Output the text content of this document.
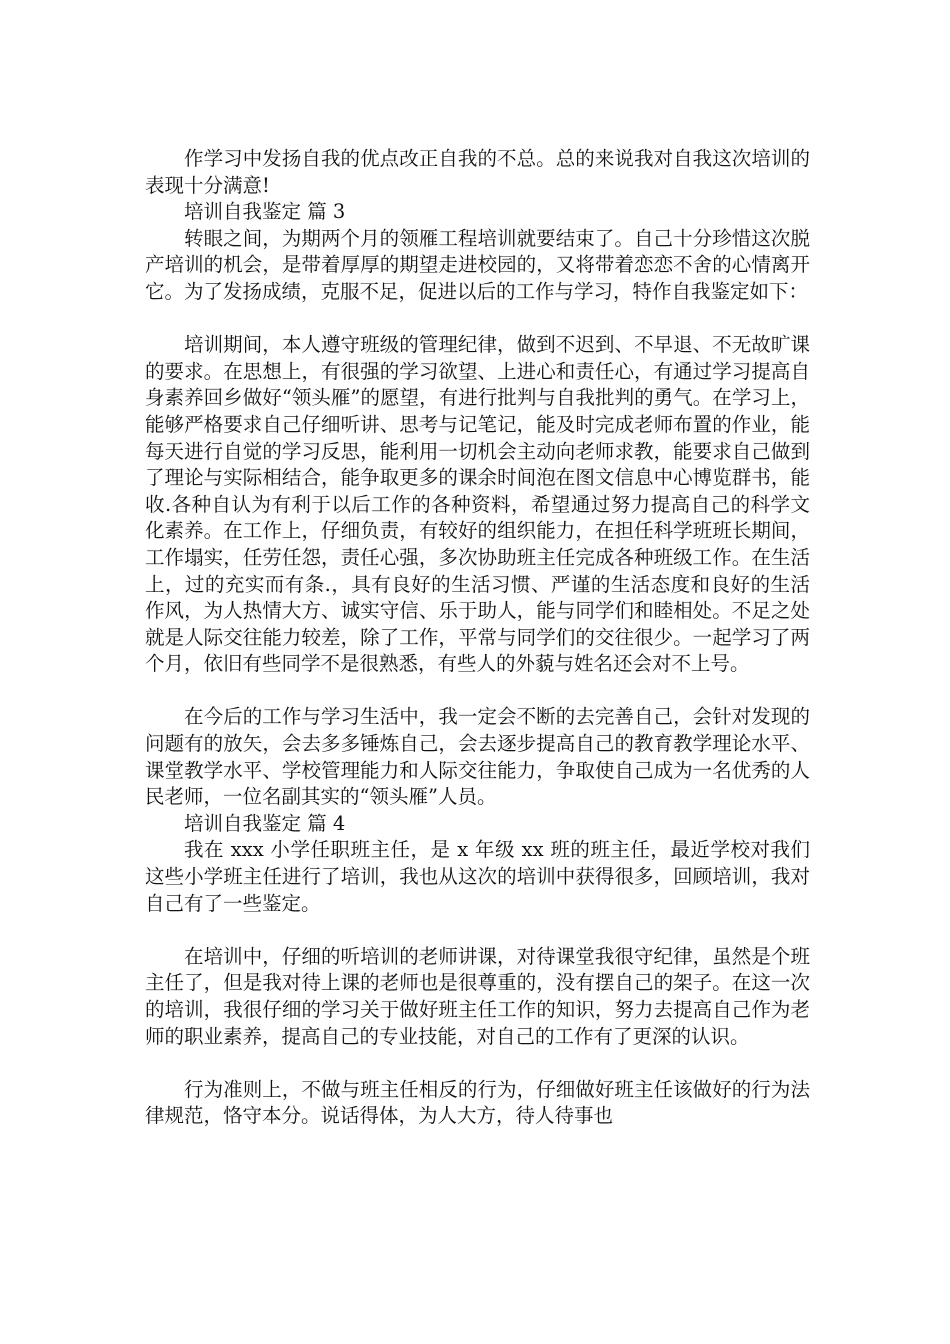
作学习中发扬自我的优点改正自我的不总。总的来说我对自我这次培训的表现十分满意!

培训自我鉴定 篇 3

转眼之间，为期两个月的领雁工程培训就要结束了。自己十分珍惜这次脱产培训的机会，是带着厚厚的期望走进校园的，又将带着恋恋不舍的心情离开它。为了发扬成绩，克服不足，促进以后的工作与学习，特作自我鉴定如下：

培训期间，本人遵守班级的管理纪律，做到不迟到、不早退、不无故旷课的要求。在思想上，有很强的学习欲望、上进心和责任心，有通过学习提高自身素养回乡做好“领头雁”的愿望，有进行批判与自我批判的勇气。在学习上，能够严格要求自己仔细听讲、思考与记笔记，能及时完成老师布置的作业，能每天进行自觉的学习反思，能利用一切机会主动向老师求教，能要求自己做到了理论与实际相结合，能争取更多的课余时间泡在图文信息中心博览群书，能收.各种自认为有利于以后工作的各种资料，希望通过努力提高自己的科学文化素养。在工作上，仔细负责，有较好的组织能力，在担任科学班班长期间，工作塌实，任劳任怨，责任心强，多次协助班主任完成各种班级工作。在生活上，过的充实而有条.，具有良好的生活习惯、严谨的生活态度和良好的生活作风，为人热情大方、诚实守信、乐于助人，能与同学们和睦相处。不足之处就是人际交往能力较差，除了工作，平常与同学们的交往很少。一起学习了两个月，依旧有些同学不是很熟悉，有些人的外藐与姓名还会对不上号。

在今后的工作与学习生活中，我一定会不断的去完善自己，会针对发现的问题有的放矢，会去多多锤炼自己，会去逐步提高自己的教育教学理论水平、课堂教学水平、学校管理能力和人际交往能力，争取使自己成为一名优秀的人民老师，一位名副其实的“领头雁”人员。

培训自我鉴定 篇 4

我在 xxx 小学任职班主任，是 x 年级 xx 班的班主任，最近学校对我们这些小学班主任进行了培训，我也从这次的培训中获得很多，回顾培训，我对自己有了一些鉴定。

在培训中，仔细的听培训的老师讲课，对待课堂我很守纪律，虽然是个班主任了，但是我对待上课的老师也是很尊重的，没有摆自己的架子。在这一次的培训，我很仔细的学习关于做好班主任工作的知识，努力去提高自己作为老师的职业素养，提高自己的专业技能，对自己的工作有了更深的认识。

行为准则上，不做与班主任相反的行为，仔细做好班主任该做好的行为法律规范，恪守本分。说话得体，为人大方，待人待事也
